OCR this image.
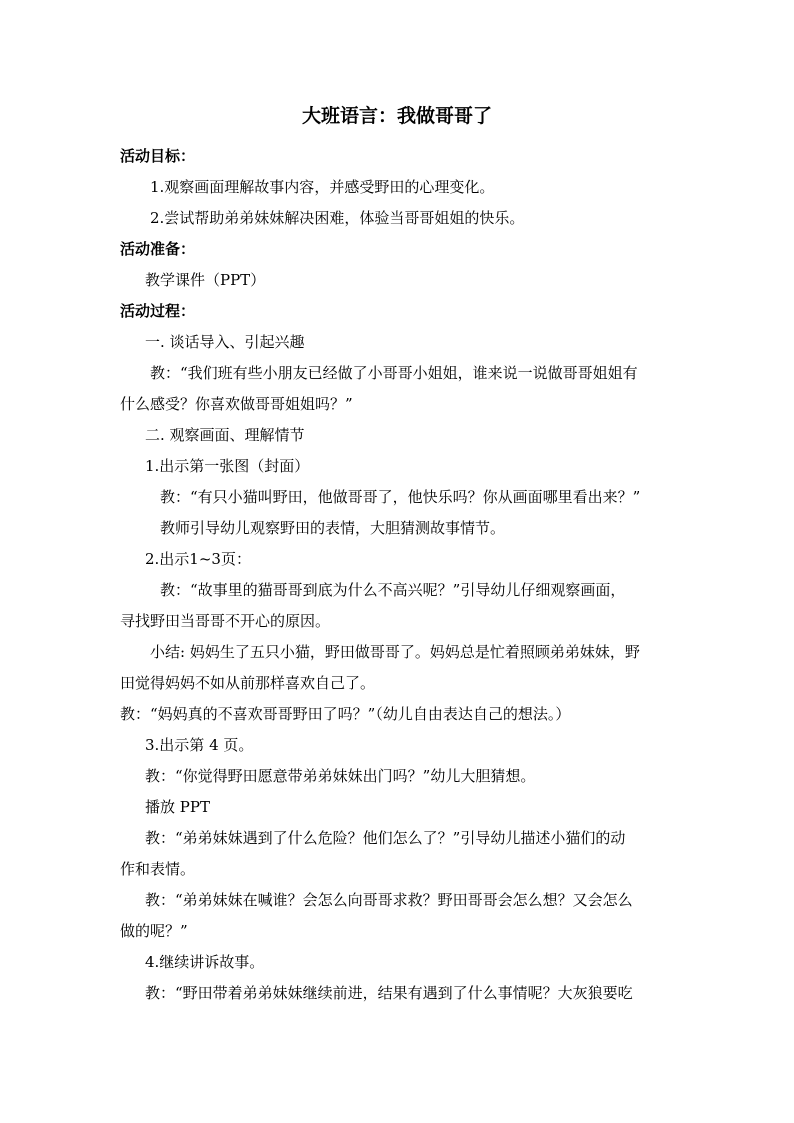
大班语言：我做哥哥了
活动目标：
1.观察画面理解故事内容，并感受野田的心理变化。
2.尝试帮助弟弟妹妹解决困难，体验当哥哥姐姐的快乐。
活动准备：
教学课件（PPT）
活动过程：
一. 谈话导入、引起兴趣
教：“我们班有些小朋友已经做了小哥哥小姐姐，谁来说一说做哥哥姐姐有
什么感受？你喜欢做哥哥姐姐吗？”
二. 观察画面、理解情节
1.出示第一张图（封面）
教：“有只小猫叫野田，他做哥哥了，他快乐吗？你从画面哪里看出来？”
教师引导幼儿观察野田的表情，大胆猜测故事情节。
2.出示1~3页：
教：“故事里的猫哥哥到底为什么不高兴呢？”引导幼儿仔细观察画面，
寻找野田当哥哥不开心的原因。
小结: 妈妈生了五只小猫，野田做哥哥了。妈妈总是忙着照顾弟弟妹妹，野
田觉得妈妈不如从前那样喜欢自己了。
教：“妈妈真的不喜欢哥哥野田了吗？”（幼儿自由表达自己的想法。）
3.出示第 4 页。
教：“你觉得野田愿意带弟弟妹妹出门吗？”幼儿大胆猜想。
播放 PPT
教：“弟弟妹妹遇到了什么危险？他们怎么了？”引导幼儿描述小猫们的动
作和表情。
教：“弟弟妹妹在喊谁？会怎么向哥哥求救？野田哥哥会怎么想？又会怎么
做的呢？”
4.继续讲诉故事。
教：“野田带着弟弟妹妹继续前进，结果有遇到了什么事情呢？大灰狼要吃
